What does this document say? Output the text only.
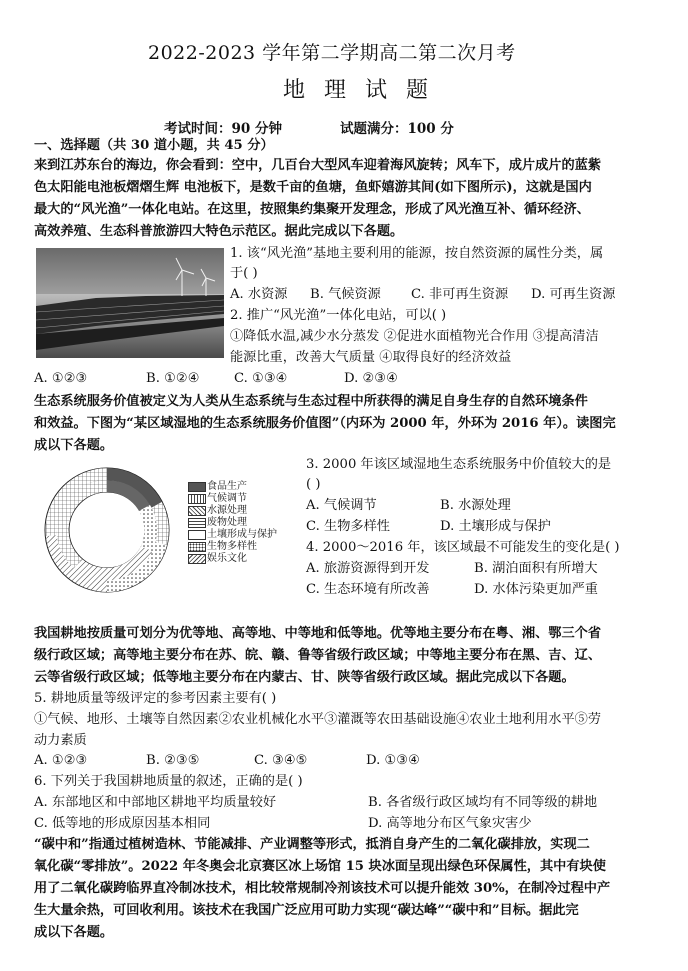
2022-2023 学年第二学期高二第二次月考
地 理 试 题
考试时间：90 分钟	试题满分：100 分
一、选择题（共 30 道小题，共 45 分）
来到江苏东台的海边，你会看到：空中，几百台大型风车迎着海风旋转；风车下，成片成片的蓝紫
色太阳能电池板熠熠生辉 电池板下，是数千亩的鱼塘，鱼虾嬉游其间(如下图所示)，这就是国内
最大的“风光渔”一体化电站。在这里，按照集约集聚开发理念，形成了风光渔互补、循环经济、
高效养殖、生态科普旅游四大特色示范区。据此完成以下各题。
1. 该“风光渔”基地主要利用的能源，按自然资源的属性分类，属
于( )
A. 水资源 B. 气候资源 C. 非可再生资源 D. 可再生资源
2. 推广“风光渔”一体化电站，可以( )
①降低水温,减少水分蒸发 ②促进水面植物光合作用 ③提高清洁
能源比重，改善大气质量 ④取得良好的经济效益
A. ①②③	B. ①②④	C. ①③④	D. ②③④
生态系统服务价值被定义为人类从生态系统与生态过程中所获得的满足自身生存的自然环境条件
和效益。下图为“某区域湿地的生态系统服务价值图”（内环为 2000 年，外环为 2016 年）。读图完
成以下各题。
食品生产
气候调节
水源处理
废物处理
土壤形成与保护
生物多样性
娱乐文化
3. 2000 年该区域湿地生态系统服务中价值较大的是
( )
A. 气候调节	B. 水源处理
C. 生物多样性	D. 土壤形成与保护
4. 2000～2016 年，该区域最不可能发生的变化是( )
A. 旅游资源得到开发	B. 湖泊面积有所增大
C. 生态环境有所改善	D. 水体污染更加严重
我国耕地按质量可划分为优等地、高等地、中等地和低等地。优等地主要分布在粤、湘、鄂三个省
级行政区域；高等地主要分布在苏、皖、赣、鲁等省级行政区域；中等地主要分布在黑、吉、辽、
云等省级行政区域；低等地主要分布在内蒙古、甘、陕等省级行政区域。据此完成以下各题。
5. 耕地质量等级评定的参考因素主要有( )
①气候、地形、土壤等自然因素②农业机械化水平③灌溉等农田基础设施④农业土地利用水平⑤劳
动力素质
A. ①②③	B. ②③⑤	C. ③④⑤	D. ①③④
6. 下列关于我国耕地质量的叙述，正确的是( )
A. 东部地区和中部地区耕地平均质量较好	B. 各省级行政区域均有不同等级的耕地
C. 低等地的形成原因基本相同	D. 高等地分布区气象灾害少
“碳中和”指通过植树造林、节能减排、产业调整等形式，抵消自身产生的二氧化碳排放，实现二
氧化碳“零排放”。2022 年冬奥会北京赛区冰上场馆 15 块冰面呈现出绿色环保属性，其中有块使
用了二氧化碳跨临界直冷制冰技术，相比较常规制冷剂该技术可以提升能效 30%，在制冷过程中产
生大量余热，可回收利用。该技术在我国广泛应用可助力实现“碳达峰”“碳中和”目标。据此完
成以下各题。
